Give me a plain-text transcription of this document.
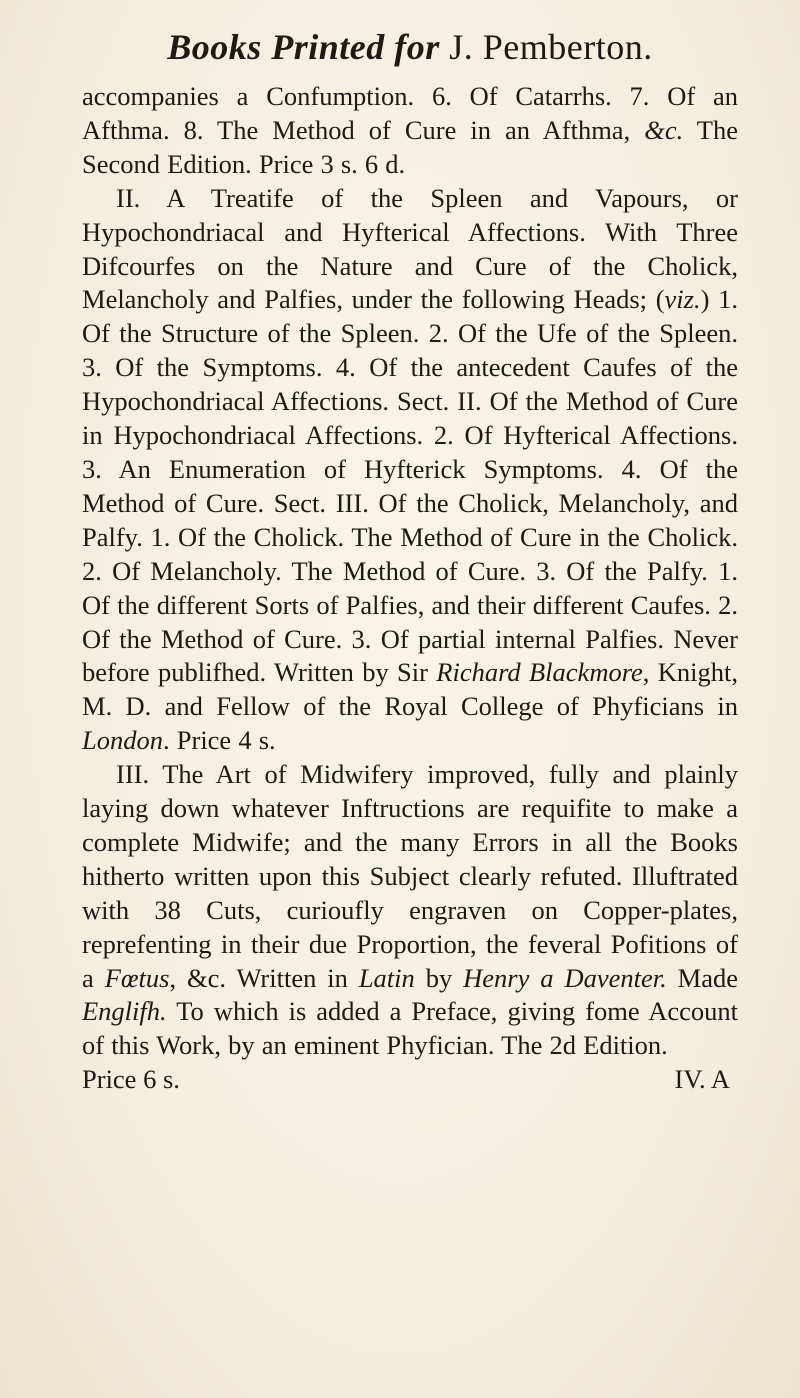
Books Printed for J. Pemberton.

accompanies a Confumption. 6. Of Catarrhs. 7. Of an Afthma. 8. The Method of Cure in an Afthma, &c. The Second Edition. Price 3 s. 6 d.

II. A Treatife of the Spleen and Vapours, or Hypochondriacal and Hyfterical Affections. With Three Difcourfes on the Nature and Cure of the Cholick, Melancholy and Palfies, under the following Heads; (viz.) 1. Of the Structure of the Spleen. 2. Of the Ufe of the Spleen. 3. Of the Symptoms. 4. Of the antecedent Caufes of the Hypochondriacal Affections. Sect. II. Of the Method of Cure in Hypochondriacal Affections. 2. Of Hyfterical Affections. 3. An Enumeration of Hyfterick Symptoms. 4. Of the Method of Cure. Sect. III. Of the Cholick, Melancholy, and Palfy. 1. Of the Cholick. The Method of Cure in the Cholick. 2. Of Melancholy. The Method of Cure. 3. Of the Palfy. 1. Of the different Sorts of Palfies, and their different Caufes. 2. Of the Method of Cure. 3. Of partial internal Palfies. Never before publifhed. Written by Sir Richard Blackmore, Knight, M. D. and Fellow of the Royal College of Phyficians in London. Price 4 s.

III. The Art of Midwifery improved, fully and plainly laying down whatever Inftructions are requifite to make a complete Midwife; and the many Errors in all the Books hitherto written upon this Subject clearly refuted. Illuftrated with 38 Cuts, curioufly engraven on Copper-plates, reprefenting in their due Proportion, the feveral Pofitions of a Fœtus, &c. Written in Latin by Henry a Daventer. Made Englifh. To which is added a Preface, giving fome Account of this Work, by an eminent Phyfician. The 2d Edition.

Price 6 s.	IV. A
